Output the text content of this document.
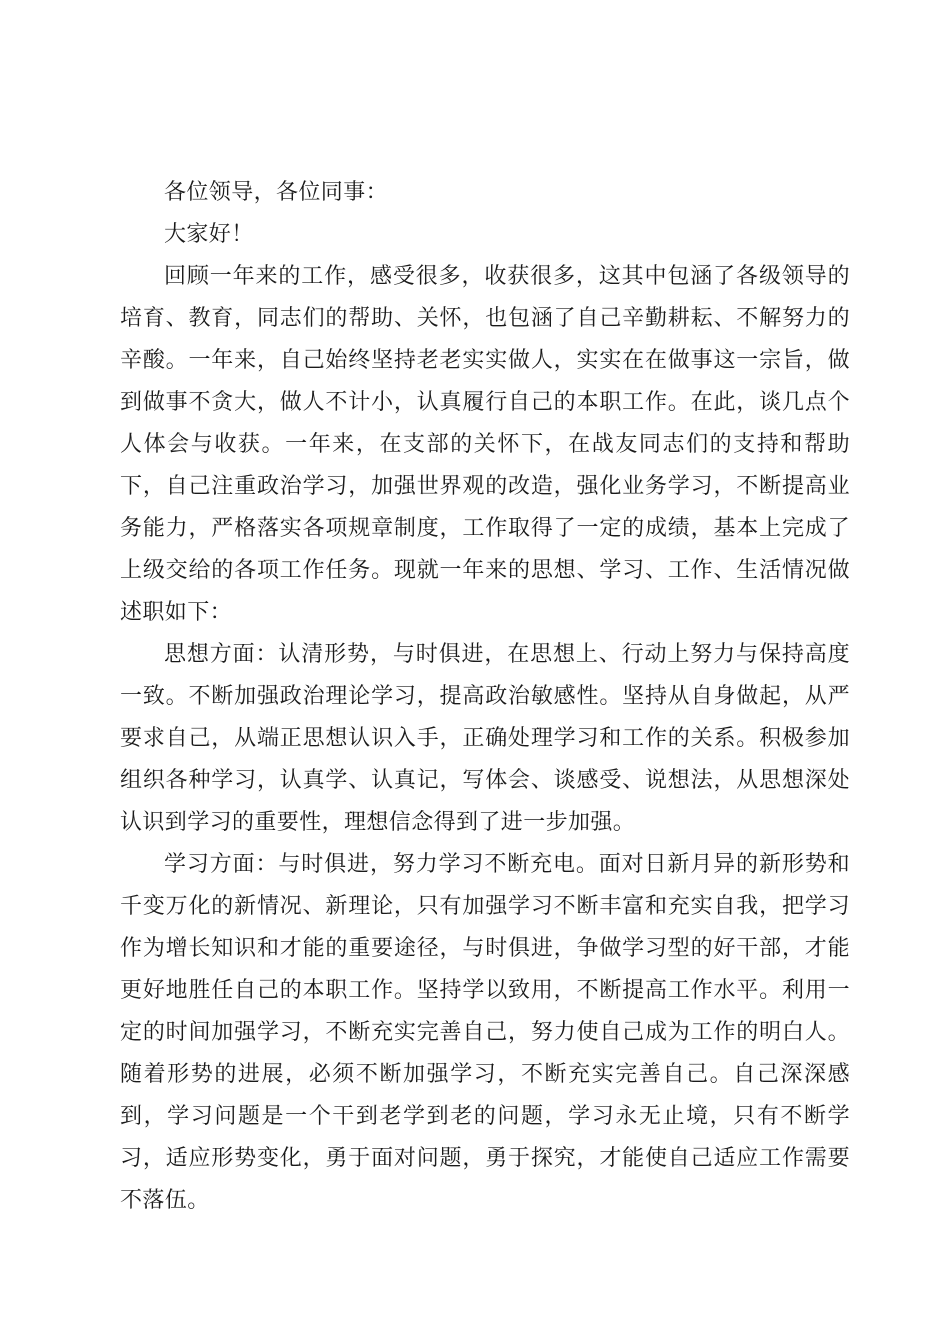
各位领导，各位同事：

大家好！

回顾一年来的工作，感受很多，收获很多，这其中包涵了各级领导的培育、教育，同志们的帮助、关怀，也包涵了自己辛勤耕耘、不解努力的辛酸。一年来，自己始终坚持老老实实做人，实实在在做事这一宗旨，做到做事不贪大，做人不计小，认真履行自己的本职工作。在此，谈几点个人体会与收获。一年来，在支部的关怀下，在战友同志们的支持和帮助下，自己注重政治学习，加强世界观的改造，强化业务学习，不断提高业务能力，严格落实各项规章制度，工作取得了一定的成绩，基本上完成了上级交给的各项工作任务。现就一年来的思想、学习、工作、生活情况做述职如下：

思想方面：认清形势，与时俱进，在思想上、行动上努力与保持高度一致。不断加强政治理论学习，提高政治敏感性。坚持从自身做起，从严要求自己，从端正思想认识入手，正确处理学习和工作的关系。积极参加组织各种学习，认真学、认真记，写体会、谈感受、说想法，从思想深处认识到学习的重要性，理想信念得到了进一步加强。

学习方面：与时俱进，努力学习不断充电。面对日新月异的新形势和千变万化的新情况、新理论，只有加强学习不断丰富和充实自我，把学习作为增长知识和才能的重要途径，与时俱进，争做学习型的好干部，才能更好地胜任自己的本职工作。坚持学以致用，不断提高工作水平。利用一定的时间加强学习，不断充实完善自己，努力使自己成为工作的明白人。随着形势的进展，必须不断加强学习，不断充实完善自己。自己深深感到，学习问题是一个干到老学到老的问题，学习永无止境，只有不断学习，适应形势变化，勇于面对问题，勇于探究，才能使自己适应工作需要不落伍。
